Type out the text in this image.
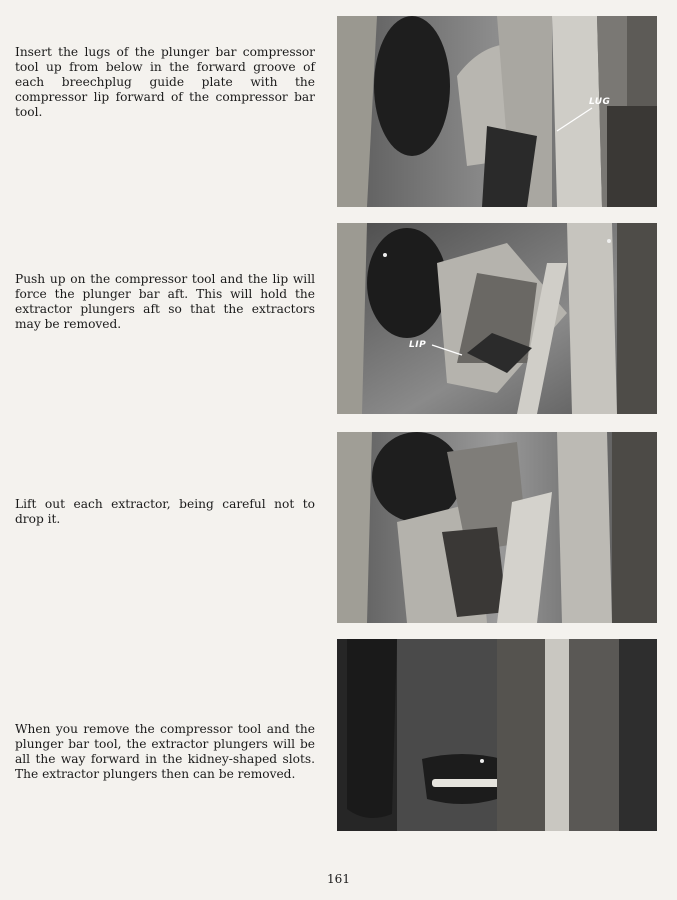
Insert the lugs of the plunger bar compressor tool up from below in the forward groove of each breechplug guide plate with the compressor lip forward of the compressor bar tool.

Push up on the compressor tool and the lip will force the plunger bar aft. This will hold the extractor plungers aft so that the extractors may be removed.

Lift out each extractor, being careful not to drop it.

When you remove the compressor tool and the plunger bar tool, the extractor plungers will be all the way forward in the kidney-shaped slots. The extractor plungers then can be removed.

LUG
LIP
161
